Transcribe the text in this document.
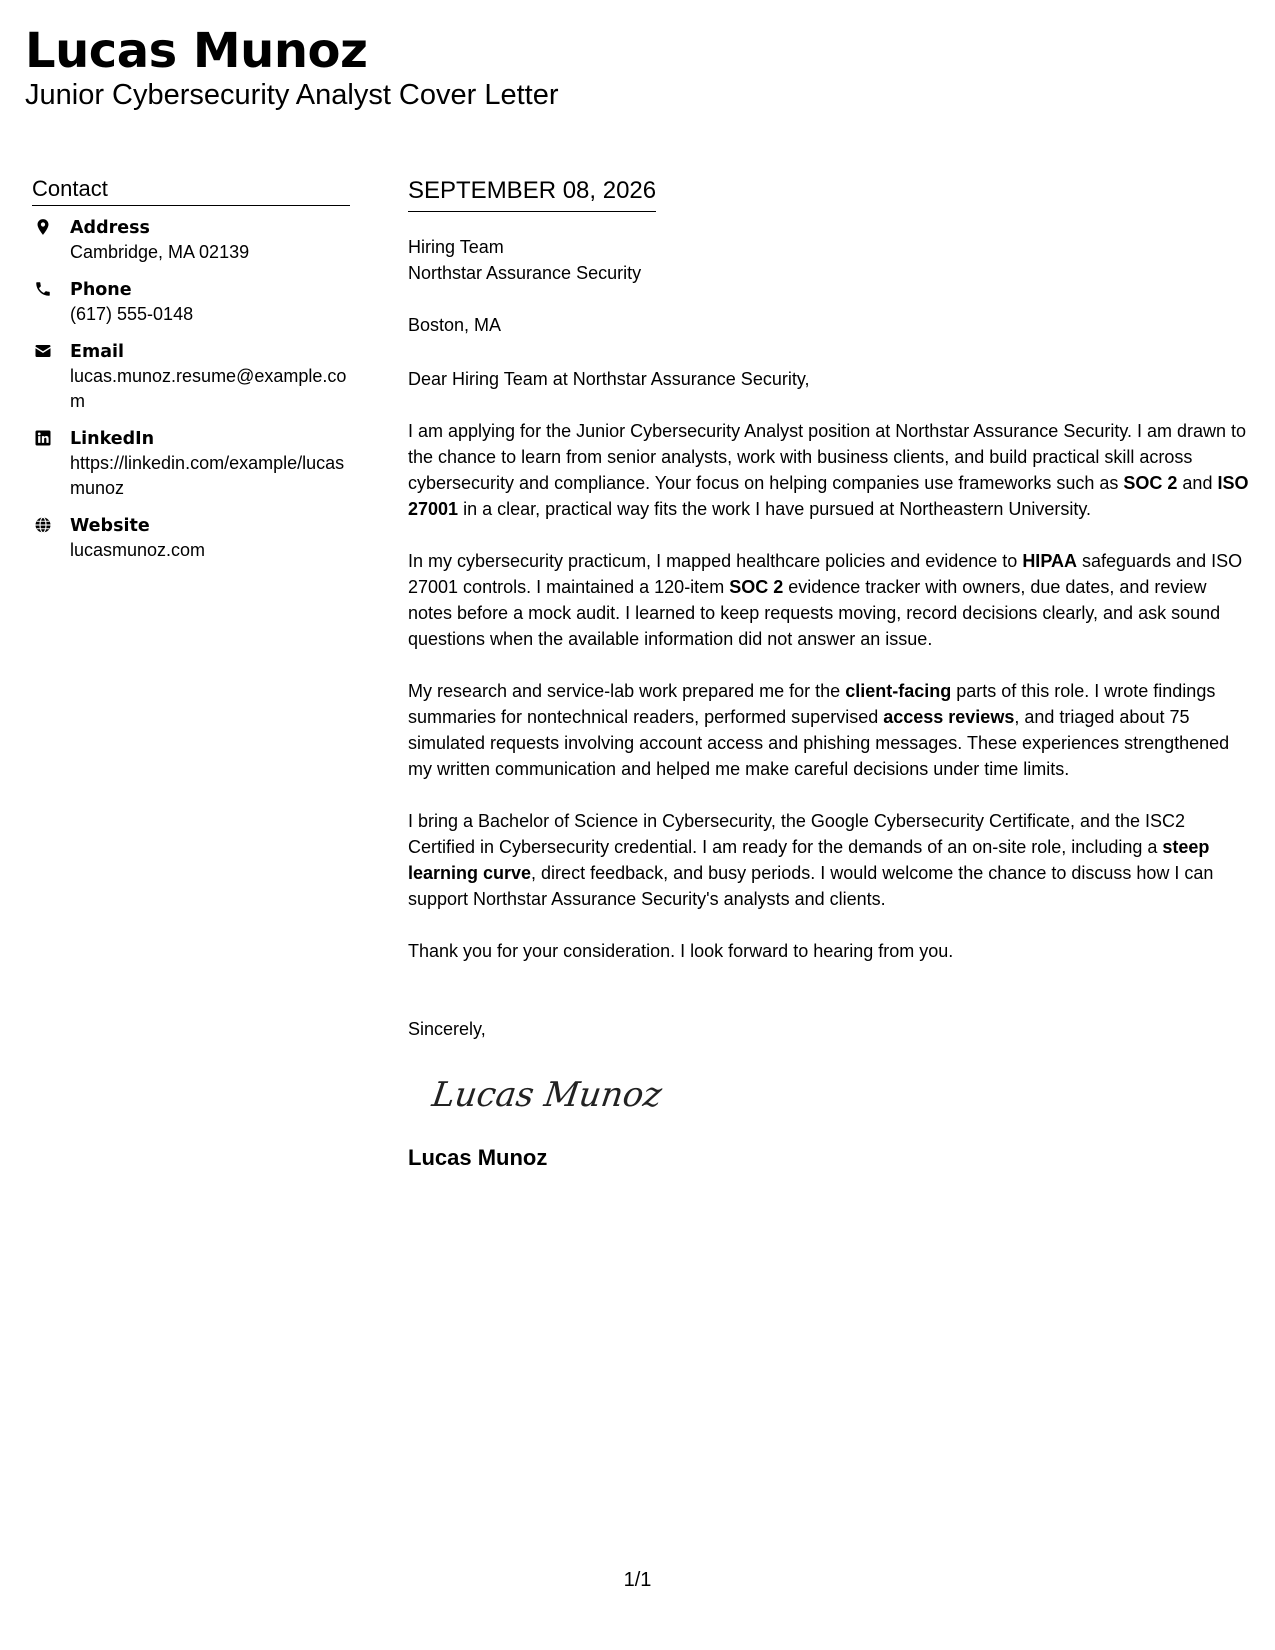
Lucas Munoz
Junior Cybersecurity Analyst Cover Letter
Contact
Address
Cambridge, MA 02139
Phone
(617) 555-0148
Email
lucas.munoz.resume@example.com
LinkedIn
https://linkedin.com/example/lucasmunoz
Website
lucasmunoz.com
SEPTEMBER 08, 2026
Hiring Team
Northstar Assurance Security
Boston, MA
Dear Hiring Team at Northstar Assurance Security,
I am applying for the Junior Cybersecurity Analyst position at Northstar Assurance Security. I am drawn to the chance to learn from senior analysts, work with business clients, and build practical skill across cybersecurity and compliance. Your focus on helping companies use frameworks such as SOC 2 and ISO 27001 in a clear, practical way fits the work I have pursued at Northeastern University.
In my cybersecurity practicum, I mapped healthcare policies and evidence to HIPAA safeguards and ISO 27001 controls. I maintained a 120-item SOC 2 evidence tracker with owners, due dates, and review notes before a mock audit. I learned to keep requests moving, record decisions clearly, and ask sound questions when the available information did not answer an issue.
My research and service-lab work prepared me for the client-facing parts of this role. I wrote findings summaries for nontechnical readers, performed supervised access reviews, and triaged about 75 simulated requests involving account access and phishing messages. These experiences strengthened my written communication and helped me make careful decisions under time limits.
I bring a Bachelor of Science in Cybersecurity, the Google Cybersecurity Certificate, and the ISC2 Certified in Cybersecurity credential. I am ready for the demands of an on-site role, including a steep learning curve, direct feedback, and busy periods. I would welcome the chance to discuss how I can support Northstar Assurance Security's analysts and clients.
Thank you for your consideration. I look forward to hearing from you.
Sincerely,
Lucas Munoz
Lucas Munoz
1/1
